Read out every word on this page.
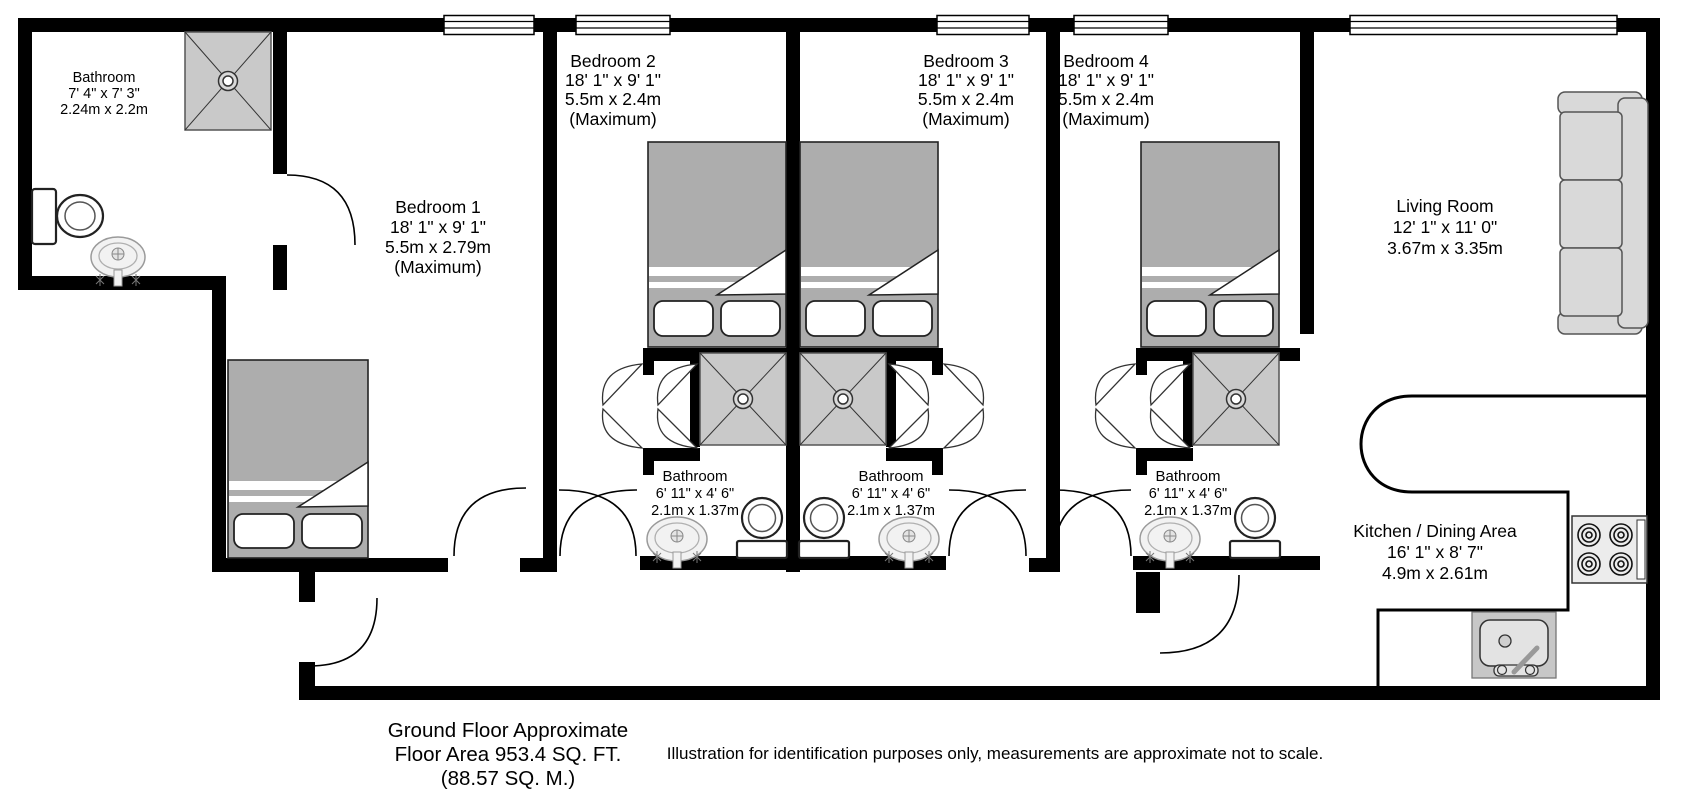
Bathroom
7' 4" x 7' 3"
2.24m x 2.2m
Bedroom 1
18' 1" x 9' 1"
5.5m x 2.79m
(Maximum)
Bedroom 2
18' 1" x 9' 1"
5.5m x 2.4m
(Maximum)
Bedroom 3
18' 1" x 9' 1"
5.5m x 2.4m
(Maximum)
Bedroom 4
18' 1" x 9' 1"
5.5m x 2.4m
(Maximum)
Bathroom
6' 11" x 4' 6"
2.1m x 1.37m
Bathroom
6' 11" x 4' 6"
2.1m x 1.37m
Bathroom
6' 11" x 4' 6"
2.1m x 1.37m
Living Room
12' 1" x 11' 0"
3.67m x 3.35m
Kitchen / Dining Area
16' 1" x 8' 7"
4.9m x 2.61m
Ground Floor Approximate
Floor Area 953.4 SQ. FT.
(88.57 SQ. M.)
Illustration for identification purposes only, measurements are approximate not to scale.
